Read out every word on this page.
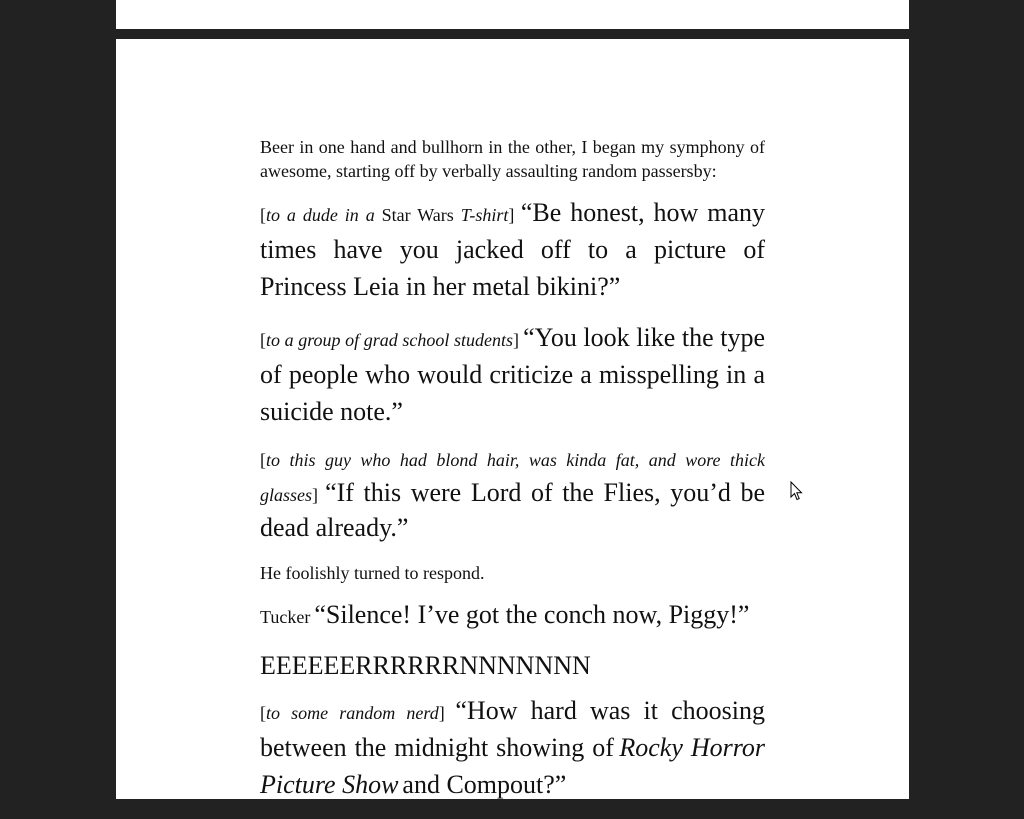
Beer in one hand and bullhorn in the other, I began my symphony of awesome, starting off by verbally assaulting random passersby:

[to a dude in a Star Wars T-shirt] “Be honest, how many times have you jacked off to a picture of Princess Leia in her metal bikini?”

[to a group of grad school students] “You look like the type of people who would criticize a misspelling in a suicide note.”

[to this guy who had blond hair, was kinda fat, and wore thick glasses] “If this were Lord of the Flies, you’d be dead already.”

He foolishly turned to respond.

Tucker “Silence! I’ve got the conch now, Piggy!”

EEEEEERRRRRRNNNNNNN

[to some random nerd] “How hard was it choosing between the midnight showing of Rocky Horror Picture Show and Compout?”
